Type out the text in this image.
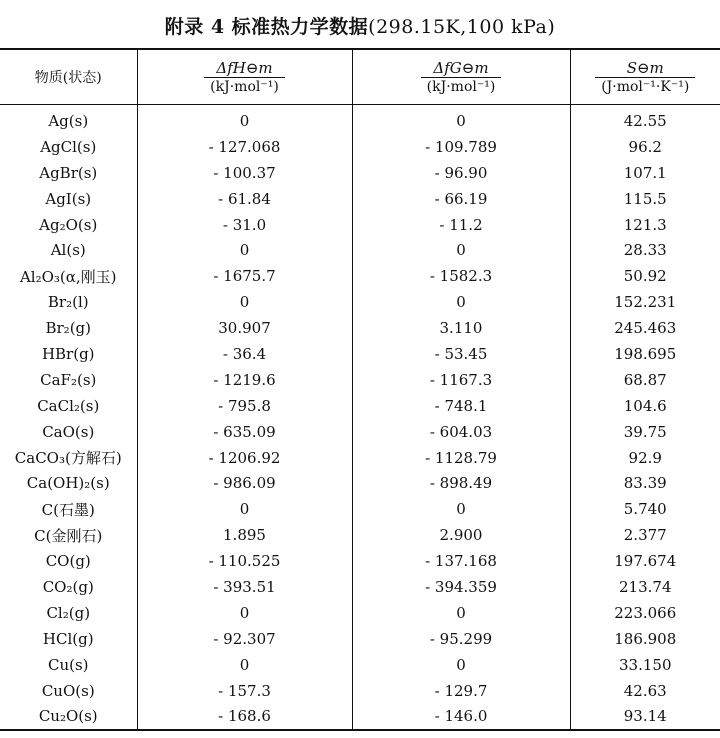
附录 4 标准热力学数据(298.15K,100 kPa)
物质(状态)	$\frac{\text{ΔfH⊖m}}{\text{(kJ·mol⁻¹)}}$	$\frac{\text{ΔfG⊖m}}{\text{(kJ·mol⁻¹)}}$	$\frac{S⊖m}{\text{(J·mol⁻¹·K⁻¹)}}$

Ag(s)	0	0	42.55
AgCl(s)	- 127.068	- 109.789	96.2
AgBr(s)	- 100.37	- 96.90	107.1
AgI(s)	- 61.84	- 66.19	115.5
Ag₂O(s)	- 31.0	- 11.2	121.3
Al(s)	0	0	28.33
Al₂O₃(α,刚玉)	- 1675.7	- 1582.3	50.92
Br₂(l)	0	0	152.231
Br₂(g)	30.907	3.110	245.463
HBr(g)	- 36.4	- 53.45	198.695
CaF₂(s)	- 1219.6	- 1167.3	68.87
CaCl₂(s)	- 795.8	- 748.1	104.6
CaO(s)	- 635.09	- 604.03	39.75
CaCO₃(方解石)	- 1206.92	- 1128.79	92.9
Ca(OH)₂(s)	- 986.09	- 898.49	83.39
C(石墨)	0	0	5.740
C(金刚石)	1.895	2.900	2.377
CO(g)	- 110.525	- 137.168	197.674
CO₂(g)	- 393.51	- 394.359	213.74
Cl₂(g)	0	0	223.066
HCl(g)	- 92.307	- 95.299	186.908
Cu(s)	0	0	33.150
CuO(s)	- 157.3	- 129.7	42.63
Cu₂O(s)	- 168.6	- 146.0	93.14
